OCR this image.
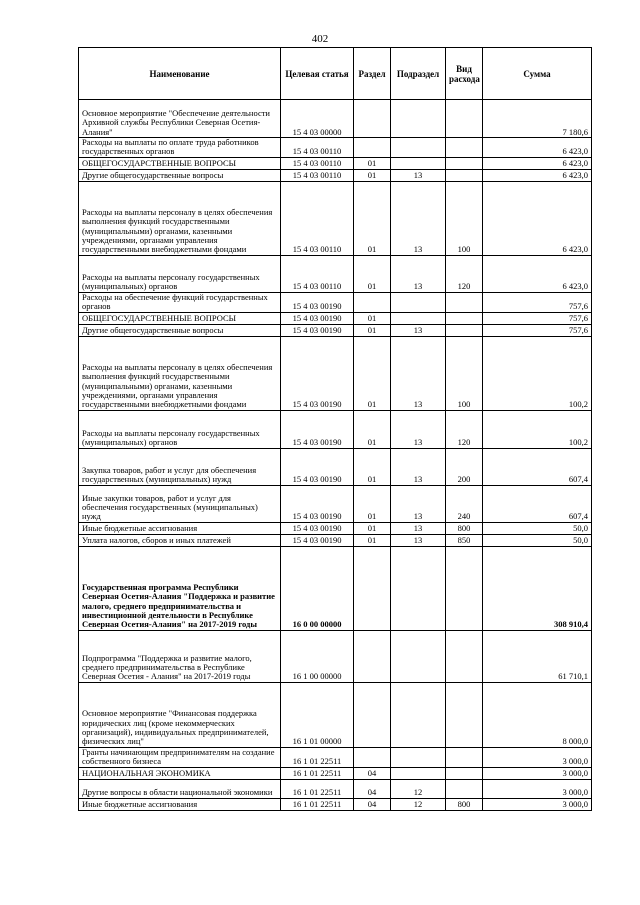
402
Наименование	Целевая статья	Раздел	Подраздел	Вид расхода	Сумма
Основное мероприятие "Обеспечение деятельности Архивной службы Республики Северная Осетия-Алания"	15 4 03 00000				7 180,6
Расходы на выплаты по оплате труда работников государственных органов	15 4 03 00110				6 423,0
ОБЩЕГОСУДАРСТВЕННЫЕ ВОПРОСЫ	15 4 03 00110	01			6 423,0
Другие общегосударственные вопросы	15 4 03 00110	01	13		6 423,0
Расходы на выплаты персоналу в целях обеспечения выполнения функций государственными (муниципальными) органами, казенными учреждениями, органами управления государственными внебюджетными фондами	15 4 03 00110	01	13	100	6 423,0
Расходы на выплаты персоналу государственных (муниципальных) органов	15 4 03 00110	01	13	120	6 423,0
Расходы на обеспечение функций государственных органов	15 4 03 00190				757,6
ОБЩЕГОСУДАРСТВЕННЫЕ ВОПРОСЫ	15 4 03 00190	01			757,6
Другие общегосударственные вопросы	15 4 03 00190	01	13		757,6
Расходы на выплаты персоналу в целях обеспечения выполнения функций государственными (муниципальными) органами, казенными учреждениями, органами управления государственными внебюджетными фондами	15 4 03 00190	01	13	100	100,2
Расходы на выплаты персоналу государственных (муниципальных) органов	15 4 03 00190	01	13	120	100,2
Закупка товаров, работ и услуг для обеспечения государственных (муниципальных) нужд	15 4 03 00190	01	13	200	607,4
Иные закупки товаров, работ и услуг для обеспечения государственных (муниципальных) нужд	15 4 03 00190	01	13	240	607,4
Иные бюджетные ассигнования	15 4 03 00190	01	13	800	50,0
Уплата налогов, сборов и иных платежей	15 4 03 00190	01	13	850	50,0
Государственная программа Республики Северная Осетия-Алания "Поддержка и развитие малого, среднего предпринимательства и инвестиционной деятельности в Республике Северная Осетия-Алания" на 2017-2019 годы	16 0 00 00000				308 910,4
Подпрограмма "Поддержка и развитие малого, среднего предпринимательства в Республике Северная Осетия - Алания" на 2017-2019 годы	16 1 00 00000				61 710,1
Основное мероприятие "Финансовая поддержка юридических лиц (кроме некоммерческих организаций), индивидуальных предпринимателей, физических лиц"	16 1 01 00000				8 000,0
Гранты начинающим предпринимателям на создание собственного бизнеса	16 1 01 22511				3 000,0
НАЦИОНАЛЬНАЯ ЭКОНОМИКА	16 1 01 22511	04			3 000,0
Другие вопросы в области национальной экономики	16 1 01 22511	04	12		3 000,0
Иные бюджетные ассигнования	16 1 01 22511	04	12	800	3 000,0
